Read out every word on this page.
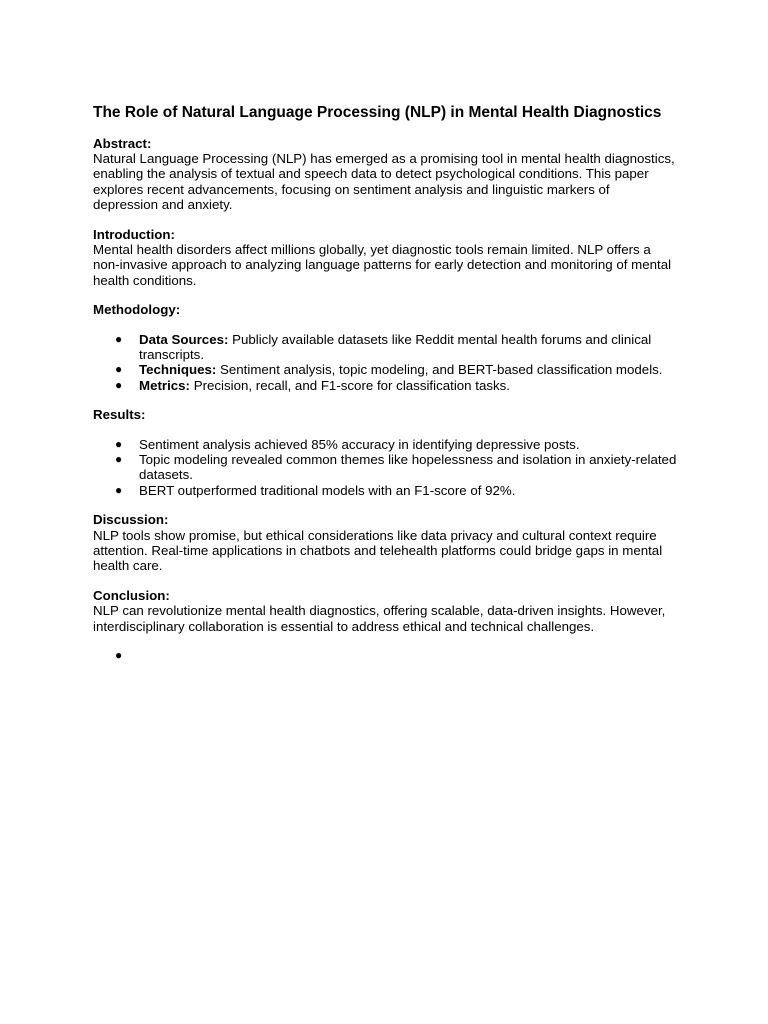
The Role of Natural Language Processing (NLP) in Mental Health Diagnostics
Abstract:

Natural Language Processing (NLP) has emerged as a promising tool in mental health diagnostics, enabling the analysis of textual and speech data to detect psychological conditions. This paper explores recent advancements, focusing on sentiment analysis and linguistic markers of depression and anxiety.

Introduction:

Mental health disorders affect millions globally, yet diagnostic tools remain limited. NLP offers a non-invasive approach to analyzing language patterns for early detection and monitoring of mental health conditions.

Methodology:
● Data Sources: Publicly available datasets like Reddit mental health forums and clinical transcripts.
● Techniques: Sentiment analysis, topic modeling, and BERT-based classification models.
● Metrics: Precision, recall, and F1-score for classification tasks.
Results:
● Sentiment analysis achieved 85% accuracy in identifying depressive posts.
● Topic modeling revealed common themes like hopelessness and isolation in anxiety-related datasets.
● BERT outperformed traditional models with an F1-score of 92%.
Discussion:

NLP tools show promise, but ethical considerations like data privacy and cultural context require attention. Real-time applications in chatbots and telehealth platforms could bridge gaps in mental health care.

Conclusion:

NLP can revolutionize mental health diagnostics, offering scalable, data-driven insights. However, interdisciplinary collaboration is essential to address ethical and technical challenges.

●
